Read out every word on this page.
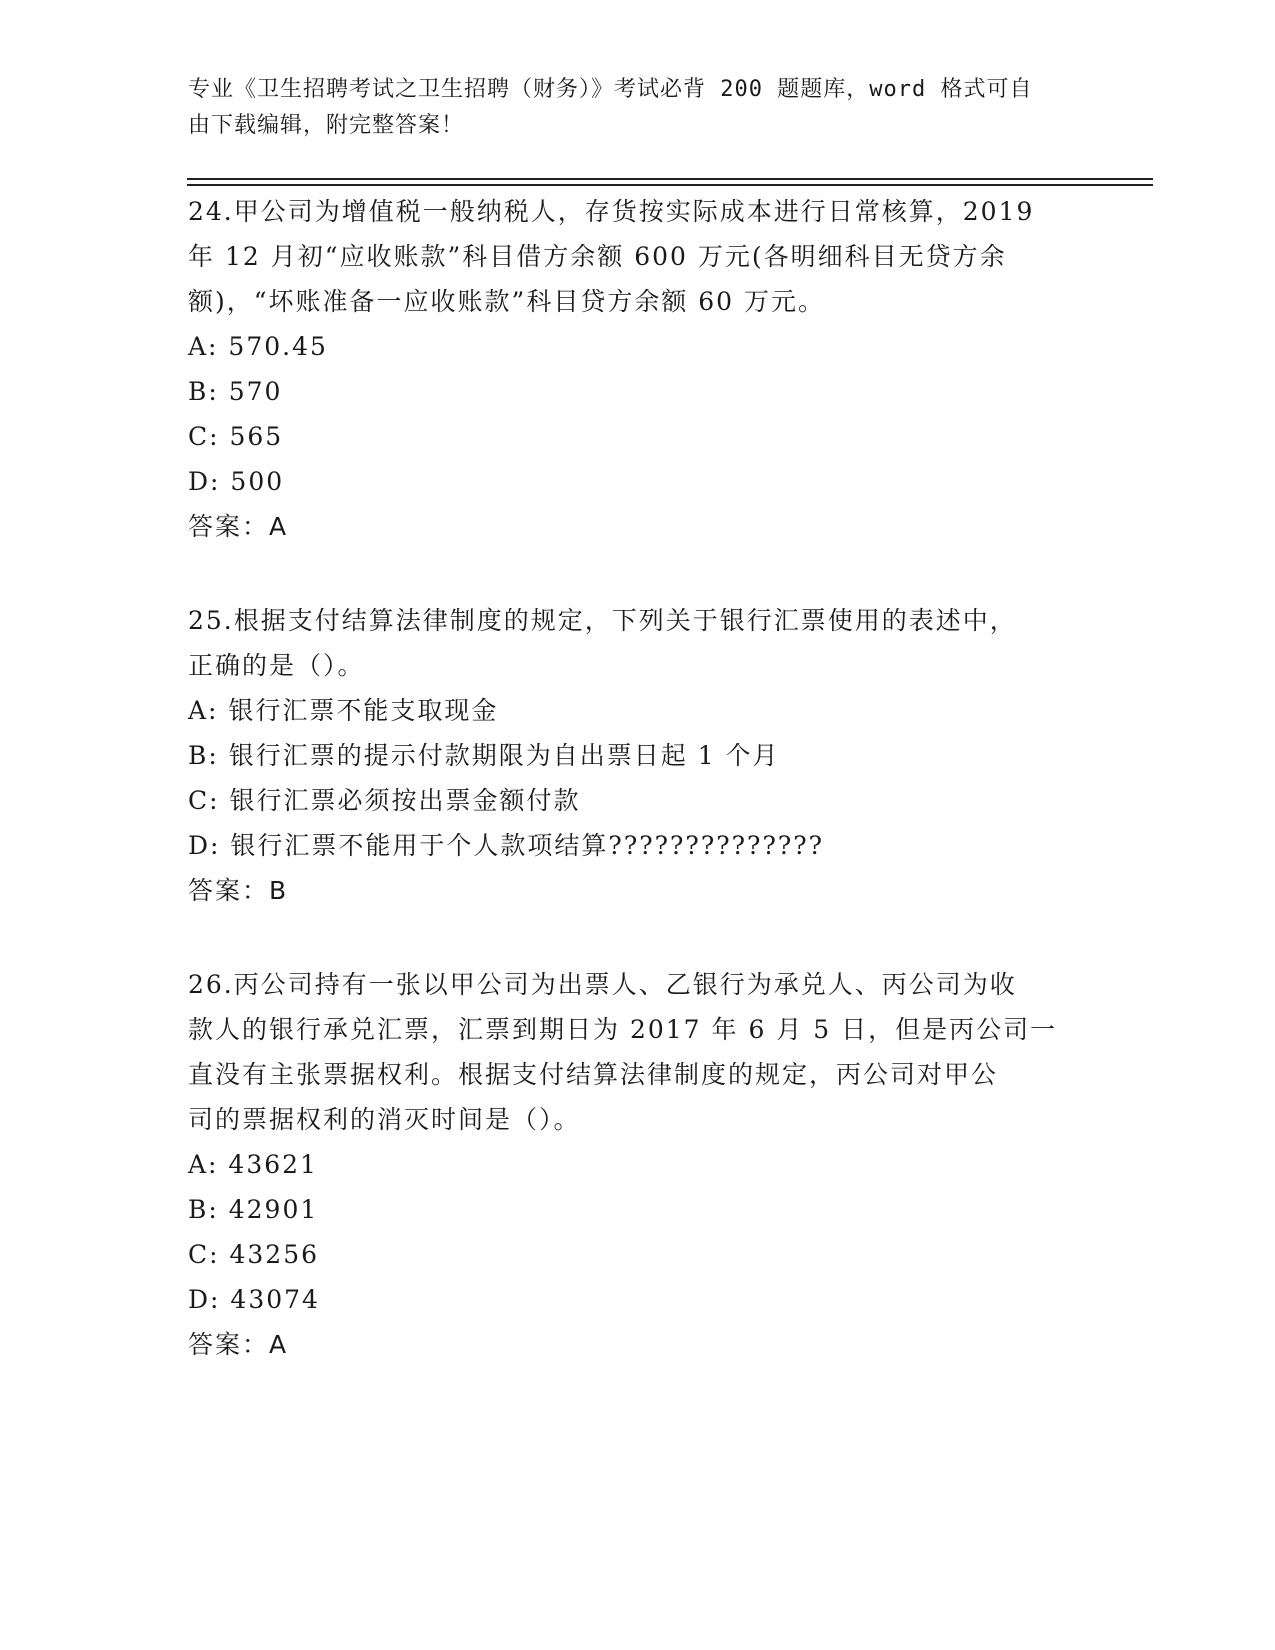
专业《卫生招聘考试之卫生招聘（财务）》考试必背 200 题题库，word 格式可自
由下载编辑，附完整答案！

24.甲公司为增值税一般纳税人，存货按实际成本进行日常核算，2019

年 12 月初“应收账款”科目借方余额 600 万元(各明细科目无贷方余

额)，“坏账准备一应收账款”科目贷方余额 60 万元。

A: 570.45

B: 570

C: 565

D: 500

答案：A

25.根据支付结算法律制度的规定，下列关于银行汇票使用的表述中，

正确的是（）。

A: 银行汇票不能支取现金

B: 银行汇票的提示付款期限为自出票日起 1 个月

C: 银行汇票必须按出票金额付款

D: 银行汇票不能用于个人款项结算??????????????

答案：B

26.丙公司持有一张以甲公司为出票人、乙银行为承兑人、丙公司为收

款人的银行承兑汇票，汇票到期日为 2017 年 6 月 5 日，但是丙公司一

直没有主张票据权利。根据支付结算法律制度的规定，丙公司对甲公

司的票据权利的消灭时间是（）。

A: 43621

B: 42901

C: 43256

D: 43074

答案：A
